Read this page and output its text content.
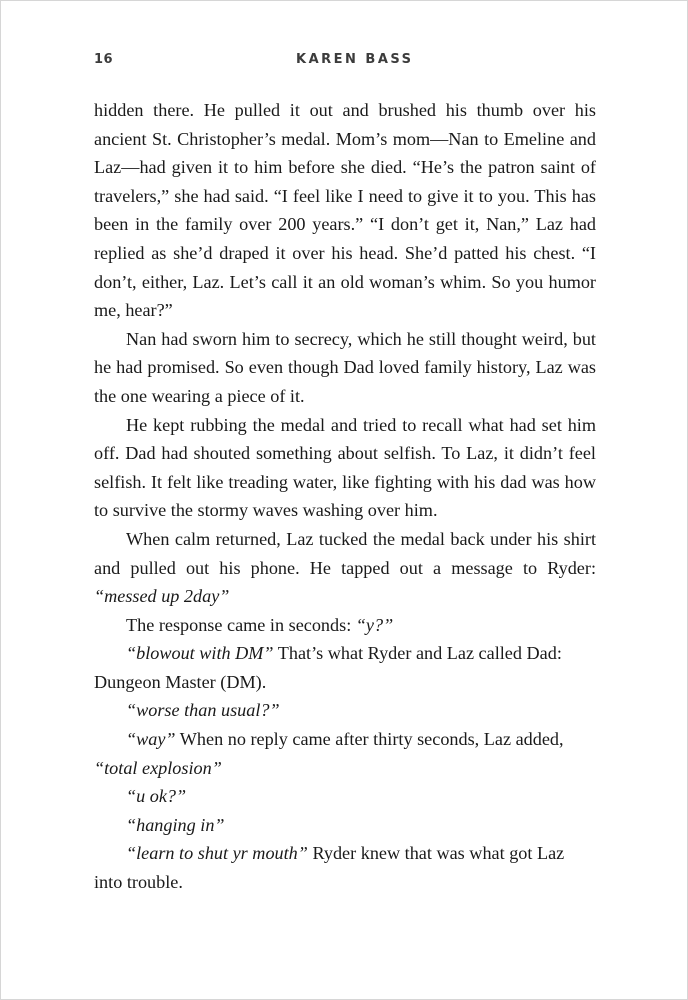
16	KAREN BASS

hidden there. He pulled it out and brushed his thumb over his ancient St. Christopher’s medal. Mom’s mom—Nan to Emeline and Laz—had given it to him before she died. “He’s the patron saint of travelers,” she had said. “I feel like I need to give it to you. This has been in the family over 200 years.” “I don’t get it, Nan,” Laz had replied as she’d draped it over his head. She’d patted his chest. “I don’t, either, Laz. Let’s call it an old woman’s whim. So you humor me, hear?”

Nan had sworn him to secrecy, which he still thought weird, but he had promised. So even though Dad loved family history, Laz was the one wearing a piece of it.

He kept rubbing the medal and tried to recall what had set him off. Dad had shouted something about selfish. To Laz, it didn’t feel selfish. It felt like treading water, like fighting with his dad was how to survive the stormy waves washing over him.

When calm returned, Laz tucked the medal back under his shirt and pulled out his phone. He tapped out a message to Ryder: “messed up 2day”

The response came in seconds: “y?”

“blowout with DM” That’s what Ryder and Laz called Dad: Dungeon Master (DM).

“worse than usual?”

“way” When no reply came after thirty seconds, Laz added, “total explosion”

“u ok?”

“hanging in”

“learn to shut yr mouth” Ryder knew that was what got Laz into trouble.
